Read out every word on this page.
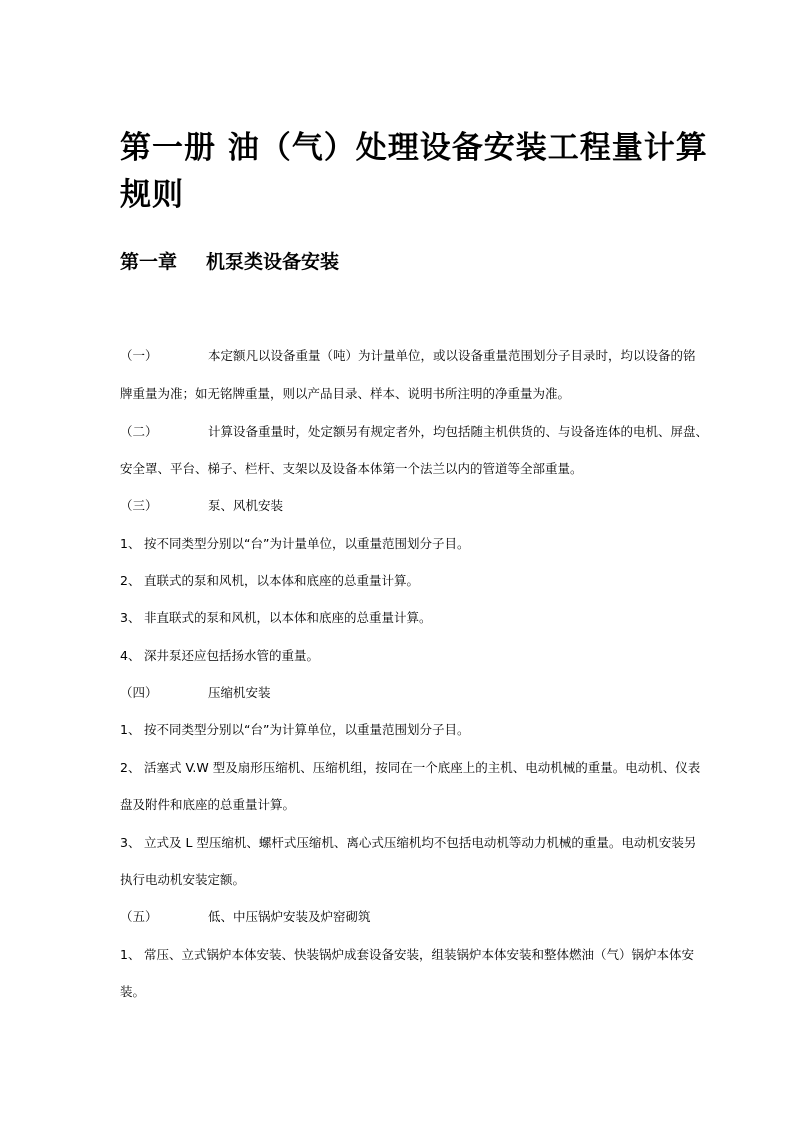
第一册 油（气）处理设备安装工程量计算
规则
第一章 机泵类设备安装
（一）	本定额凡以设备重量（吨）为计量单位，或以设备重量范围划分子目录时，均以设备的铭
牌重量为准；如无铭牌重量，则以产品目录、样本、说明书所注明的净重量为准。
（二）	计算设备重量时，处定额另有规定者外，均包括随主机供货的、与设备连体的电机、屏盘、
安全罩、平台、梯子、栏杆、支架以及设备本体第一个法兰以内的管道等全部重量。
（三）	泵、风机安装
1、 按不同类型分别以“台”为计量单位，以重量范围划分子目。
2、 直联式的泵和风机，以本体和底座的总重量计算。
3、 非直联式的泵和风机，以本体和底座的总重量计算。
4、 深井泵还应包括扬水管的重量。
（四）	压缩机安装
1、 按不同类型分别以“台”为计算单位，以重量范围划分子目。
2、 活塞式 V.W 型及扇形压缩机、压缩机组，按同在一个底座上的主机、电动机械的重量。电动机、仪表
盘及附件和底座的总重量计算。
3、 立式及 L 型压缩机、螺杆式压缩机、离心式压缩机均不包括电动机等动力机械的重量。电动机安装另
执行电动机安装定额。
（五）	低、中压锅炉安装及炉窑砌筑
1、 常压、立式锅炉本体安装、快装锅炉成套设备安装，组装锅炉本体安装和整体燃油（气）锅炉本体安
装。
